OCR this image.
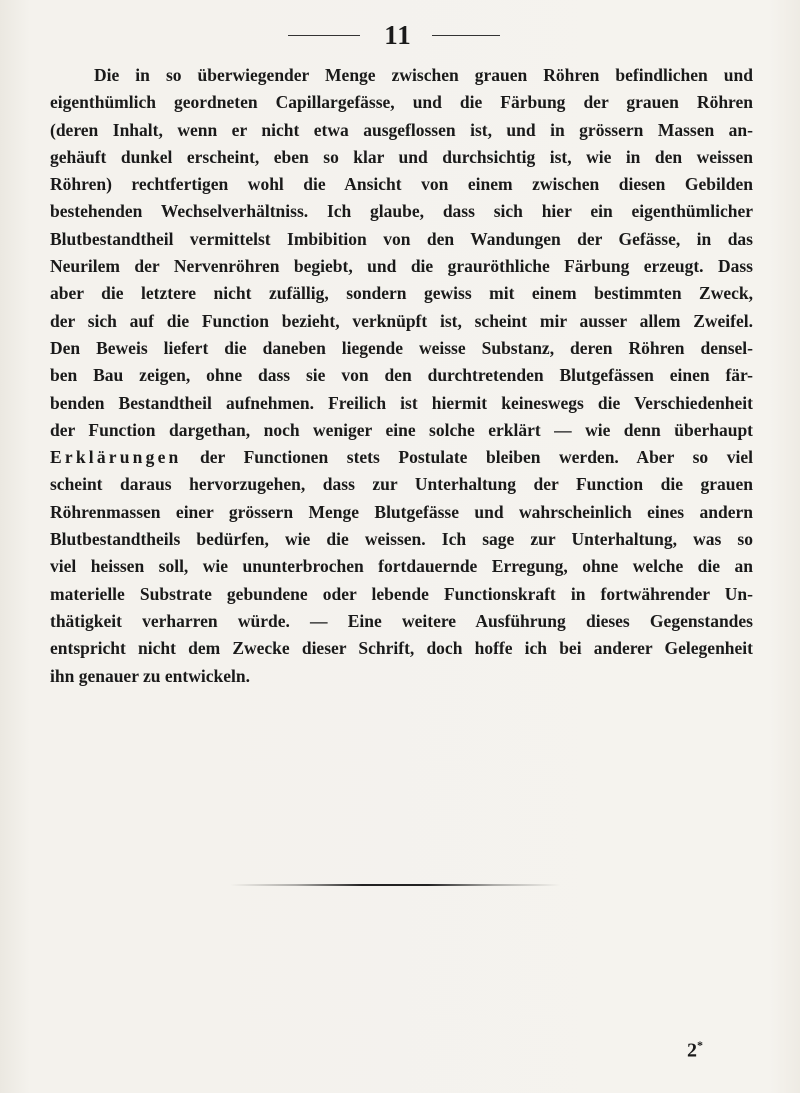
11
Die in so überwiegender Menge zwischen grauen Röhren befindlichen und
eigenthümlich geordneten Capillargefässe, und die Färbung der grauen Röhren
(deren Inhalt, wenn er nicht etwa ausgeflossen ist, und in grössern Massen an-
gehäuft dunkel erscheint, eben so klar und durchsichtig ist, wie in den weissen
Röhren) rechtfertigen wohl die Ansicht von einem zwischen diesen Gebilden
bestehenden Wechselverhältniss. Ich glaube, dass sich hier ein eigenthümlicher
Blutbestandtheil vermittelst Imbibition von den Wandungen der Gefässe, in das
Neurilem der Nervenröhren begiebt, und die grauröthliche Färbung erzeugt. Dass
aber die letztere nicht zufällig, sondern gewiss mit einem bestimmten Zweck,
der sich auf die Function bezieht, verknüpft ist, scheint mir ausser allem Zweifel.
Den Beweis liefert die daneben liegende weisse Substanz, deren Röhren densel-
ben Bau zeigen, ohne dass sie von den durchtretenden Blutgefässen einen fär-
benden Bestandtheil aufnehmen. Freilich ist hiermit keineswegs die Verschiedenheit
der Function dargethan, noch weniger eine solche erklärt — wie denn überhaupt
Erklärungen der Functionen stets Postulate bleiben werden. Aber so viel
scheint daraus hervorzugehen, dass zur Unterhaltung der Function die grauen
Röhrenmassen einer grössern Menge Blutgefässe und wahrscheinlich eines andern
Blutbestandtheils bedürfen, wie die weissen. Ich sage zur Unterhaltung, was so
viel heissen soll, wie ununterbrochen fortdauernde Erregung, ohne welche die an
materielle Substrate gebundene oder lebende Functionskraft in fortwährender Un-
thätigkeit verharren würde. — Eine weitere Ausführung dieses Gegenstandes
entspricht nicht dem Zwecke dieser Schrift, doch hoffe ich bei anderer Gelegenheit
ihn genauer zu entwickeln.
2*
